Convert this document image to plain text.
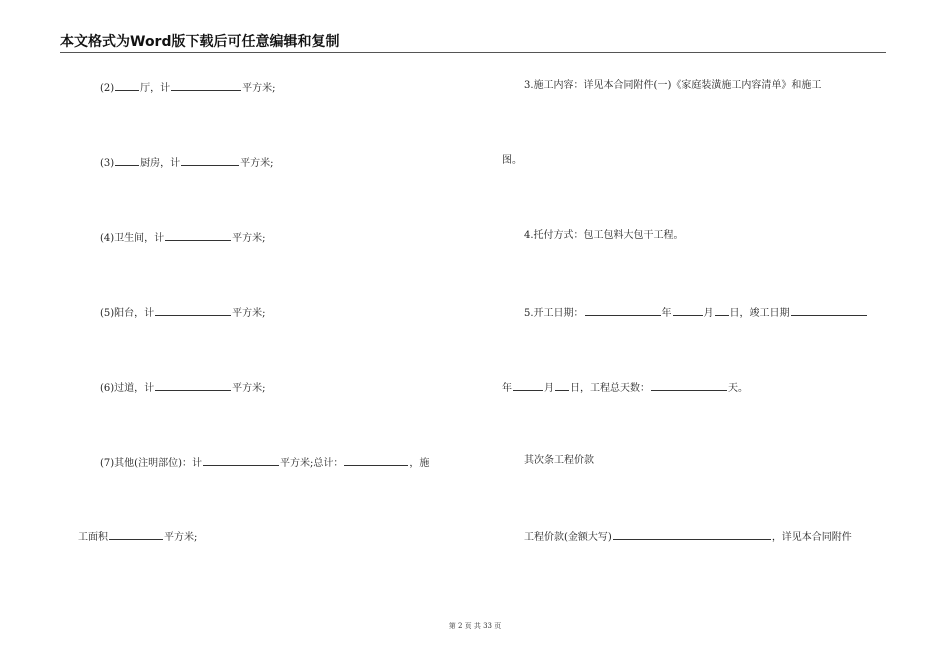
本文格式为Word版下载后可任意编辑和复制
(2)	厅，计	平方米;
(3)	厨房，计	平方米;
(4)卫生间，计	平方米;
(5)阳台，计	平方米;
(6)过道，计	平方米;
(7)其他(注明部位)：计	平方米;总计：	，施
工面积	平方米;
3.施工内容：详见本合同附件(一)《家庭装潢施工内容清单》和施工
图。
4.托付方式：包工包料大包干工程。
5.开工日期：	年	月 日，竣工日期
年	月 日，工程总天数：	天。
其次条工程价款
工程价款(金额大写)	，详见本合同附件
第 2 页 共 33 页
